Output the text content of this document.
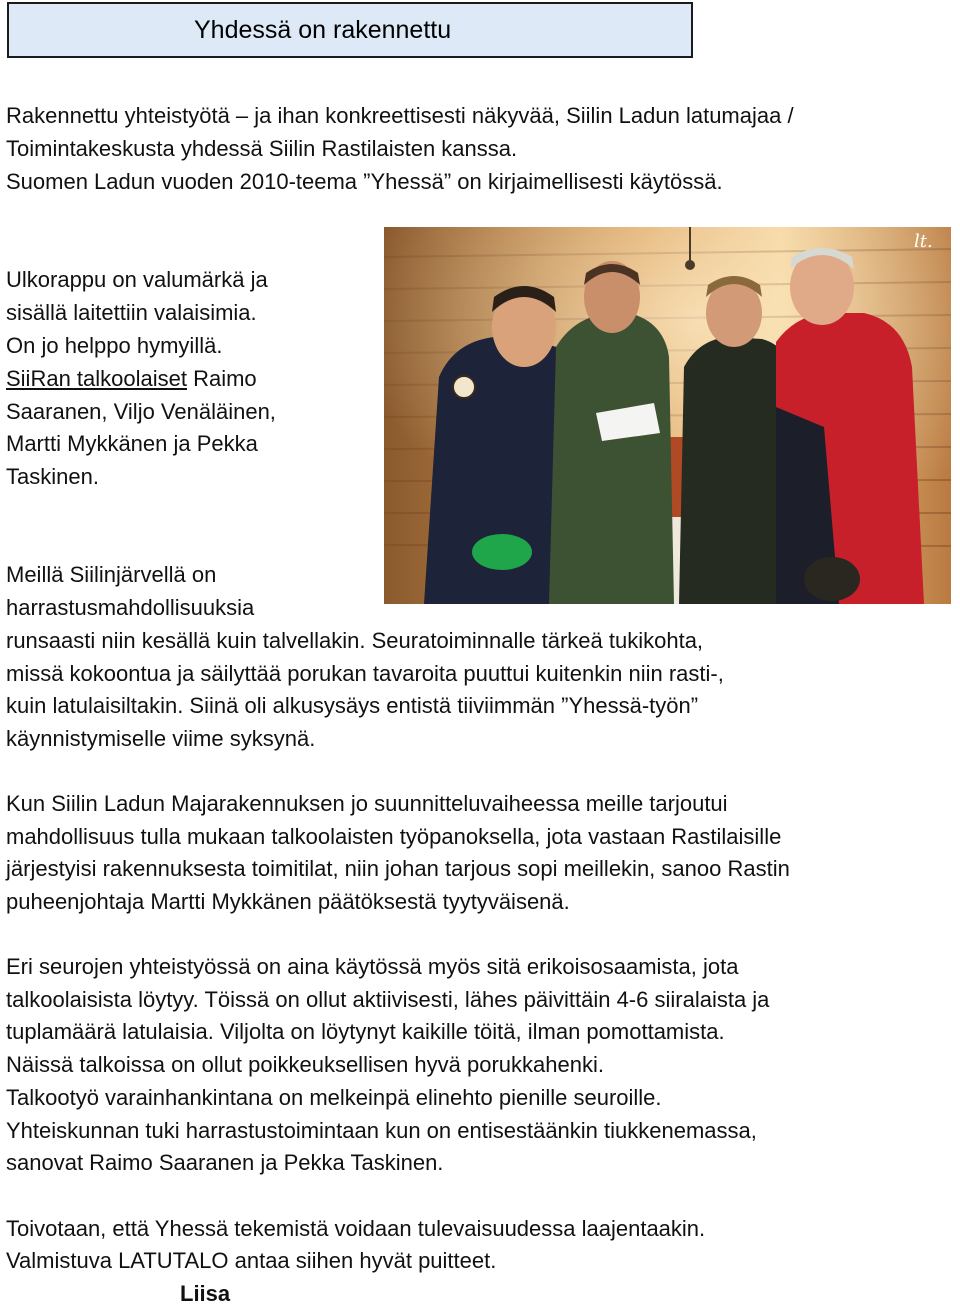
Yhdessä on rakennettu
Rakennettu yhteistyötä – ja ihan konkreettisesti näkyvää, Siilin Ladun latumajaa /
Toimintakeskusta yhdessä Siilin Rastilaisten kanssa.
Suomen Ladun vuoden 2010-teema ”Yhessä” on kirjaimellisesti käytössä.
Ulkorappu on valumärkä ja
sisällä laitettiin valaisimia.
On jo helppo hymyillä.
SiiRan talkoolaiset Raimo
Saaranen, Viljo Venäläinen,
Martti Mykkänen ja Pekka
Taskinen.
lt.
Meillä Siilinjärvellä on
harrastusmahdollisuuksia
runsaasti niin kesällä kuin talvellakin. Seuratoiminnalle tärkeä tukikohta,
missä kokoontua ja säilyttää porukan tavaroita puuttui kuitenkin niin rasti-,
kuin latulaisiltakin. Siinä oli alkusysäys entistä tiiviimmän ”Yhessä-työn”
käynnistymiselle viime syksynä.
Kun Siilin Ladun Majarakennuksen jo suunnitteluvaiheessa meille tarjoutui
mahdollisuus tulla mukaan talkoolaisten työpanoksella, jota vastaan Rastilaisille
järjestyisi rakennuksesta toimitilat, niin johan tarjous sopi meillekin, sanoo Rastin
puheenjohtaja Martti Mykkänen päätöksestä tyytyväisenä.
Eri seurojen yhteistyössä on aina käytössä myös sitä erikoisosaamista, jota
talkoolaisista löytyy. Töissä on ollut aktiivisesti, lähes päivittäin 4-6 siiralaista ja
tuplamäärä latulaisia. Viljolta on löytynyt kaikille töitä, ilman pomottamista.
Näissä talkoissa on ollut poikkeuksellisen hyvä porukkahenki.
Talkootyö varainhankintana on melkeinpä elinehto pienille seuroille.
Yhteiskunnan tuki harrastustoimintaan kun on entisestäänkin tiukkenemassa,
sanovat Raimo Saaranen ja Pekka Taskinen.
Toivotaan, että Yhessä tekemistä voidaan tulevaisuudessa laajentaakin.
Valmistuva LATUTALO antaa siihen hyvät puitteet.
Liisa
